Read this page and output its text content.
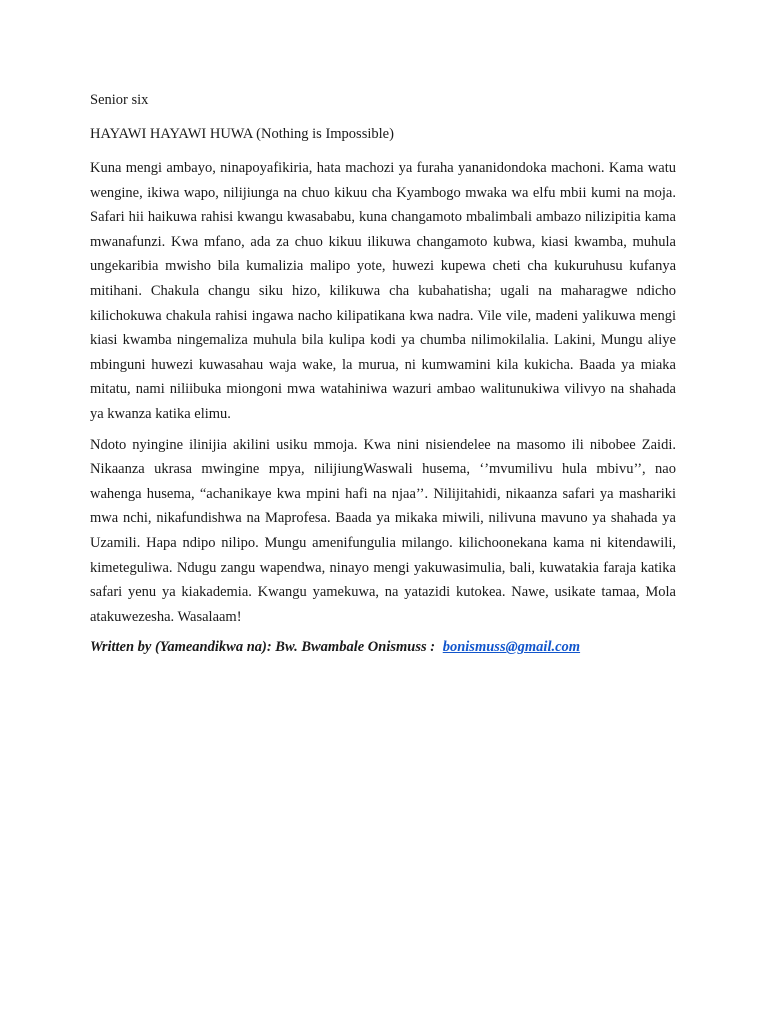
Senior six

HAYAWI HAYAWI HUWA (Nothing is Impossible)

Kuna mengi ambayo, ninapoyafikiria, hata machozi ya furaha yananidondoka machoni. Kama watu wengine, ikiwa wapo, nilijiunga na chuo kikuu cha Kyambogo mwaka wa elfu mbii kumi na moja. Safari hii haikuwa rahisi kwangu kwasababu, kuna changamoto mbalimbali ambazo nilizipitia kama mwanafunzi. Kwa mfano, ada za chuo kikuu ilikuwa changamoto kubwa, kiasi kwamba, muhula ungekaribia mwisho bila kumalizia malipo yote, huwezi kupewa cheti cha kukuruhusu kufanya mitihani. Chakula changu siku hizo, kilikuwa cha kubahatisha; ugali na maharagwe ndicho kilichokuwa chakula rahisi ingawa nacho kilipatikana kwa nadra. Vile vile, madeni yalikuwa mengi kiasi kwamba ningemaliza muhula bila kulipa kodi ya chumba nilimokilalia. Lakini, Mungu aliye mbinguni huwezi kuwasahau waja wake, la murua, ni kumwamini kila kukicha. Baada ya miaka mitatu, nami niliibuka miongoni mwa watahiniwa wazuri ambao walitunukiwa vilivyo na shahada ya kwanza katika elimu.

Ndoto nyingine ilinijia akilini usiku mmoja. Kwa nini nisiendelee na masomo ili nibobee Zaidi. Nikaanza ukrasa mwingine mpya, nilijiungWaswali husema, ‘’mvumilivu hula mbivu’’, nao wahenga husema, “achanikaye kwa mpini hafi na njaa’’. Nilijitahidi, nikaanza safari ya mashariki mwa nchi, nikafundishwa na Maprofesa. Baada ya mikaka miwili, nilivuna mavuno ya shahada ya Uzamili. Hapa ndipo nilipo. Mungu amenifungulia milango. kilichoonekana kama ni kitendawili, kimeteguliwa. Ndugu zangu wapendwa, ninayo mengi yakuwasimulia, bali, kuwatakia faraja katika safari yenu ya kiakademia. Kwangu yamekuwa, na yatazidi kutokea. Nawe, usikate tamaa, Mola atakuwezesha. Wasalaam!

Written by (Yameandikwa na): Bw. Bwambale Onismuss : bonismuss@gmail.com
